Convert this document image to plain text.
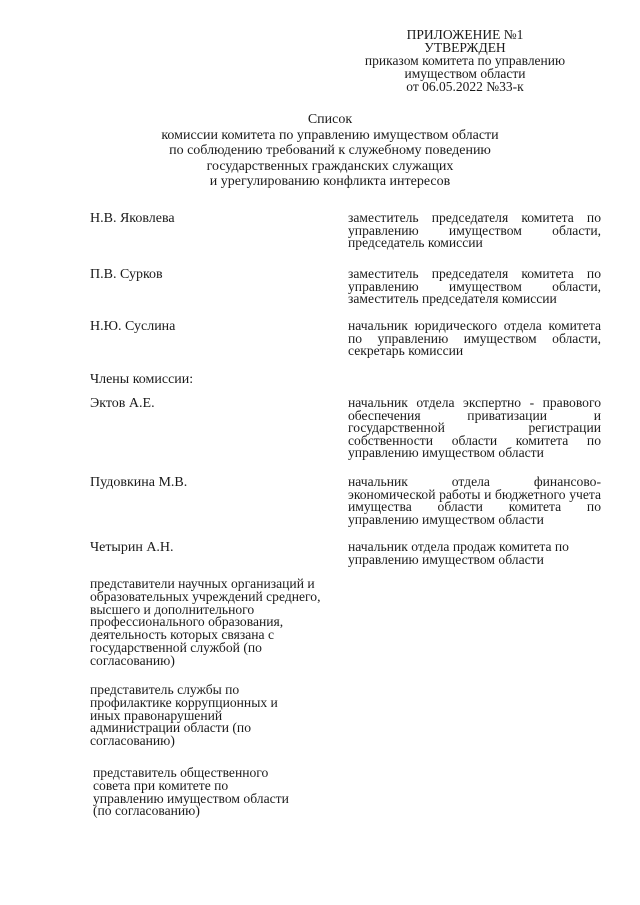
ПРИЛОЖЕНИЕ №1
УТВЕРЖДЕН
приказом комитета по управлению
имуществом области
от 06.05.2022 №33-к
Список
комиссии комитета по управлению имуществом области
по соблюдению требований к служебному поведению
государственных гражданских служащих
и урегулированию конфликта интересов
Н.В. Яковлева	заместитель председателя комитета по управлению имуществом области, председатель комиссии
П.В. Сурков	заместитель председателя комитета по управлению имуществом области, заместитель председателя комиссии
Н.Ю. Суслина	начальник юридического отдела комитета по управлению имуществом области, секретарь комиссии
Члены комиссии:
Эктов А.Е.	начальник отдела экспертно - правового обеспечения приватизации и государственной регистрации собственности области комитета по управлению имуществом области
Пудовкина М.В.	начальник отдела финансово-экономической работы и бюджетного учета имущества области комитета по управлению имуществом области
Четырин А.Н.	начальник отдела продаж комитета по управлению имуществом области
представители научных организаций и образовательных учреждений среднего, высшего и дополнительного профессионального образования, деятельность которых связана с государственной службой (по согласованию)
представитель службы по профилактике коррупционных и иных правонарушений администрации области (по согласованию)
представитель общественного совета при комитете по управлению имуществом области (по согласованию)
